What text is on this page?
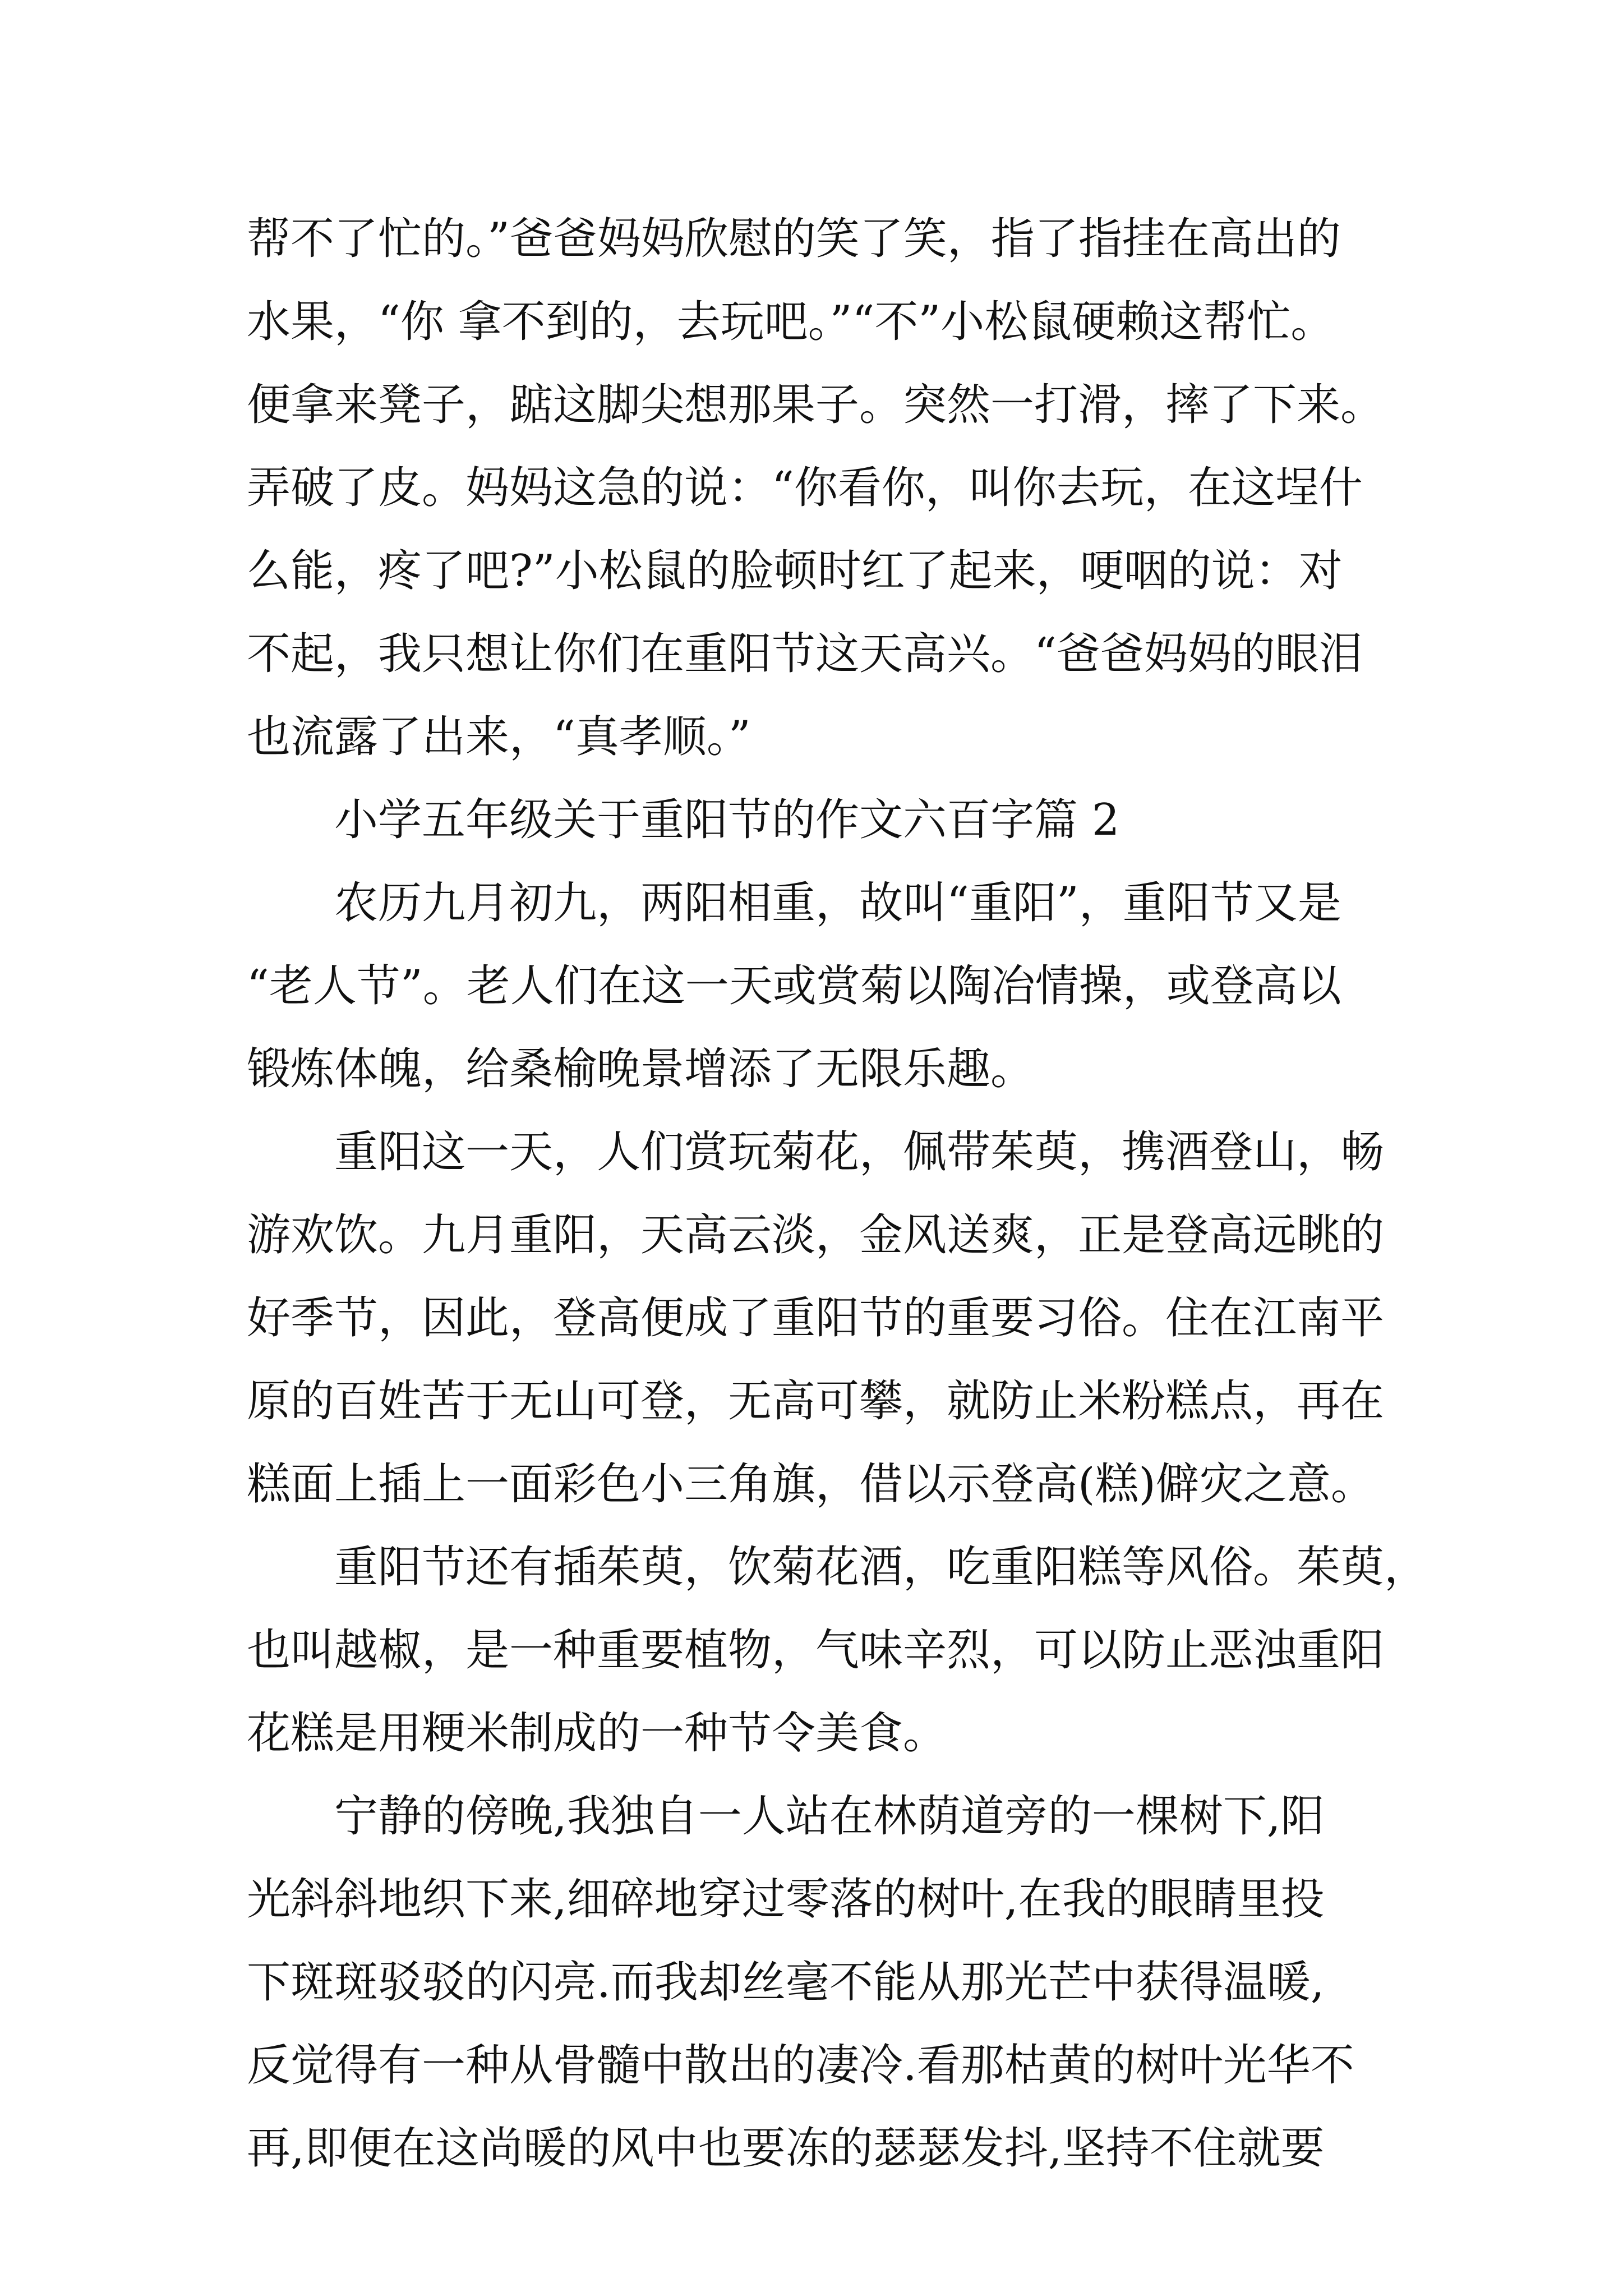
帮不了忙的。”爸爸妈妈欣慰的笑了笑，指了指挂在高出的
水果，“你 拿不到的，去玩吧。”“不”小松鼠硬赖这帮忙。
便拿来凳子，踮这脚尖想那果子。突然一打滑，摔了下来。
弄破了皮。妈妈这急的说：“你看你，叫你去玩，在这埕什
么能，疼了吧?”小松鼠的脸顿时红了起来，哽咽的说：对
不起，我只想让你们在重阳节这天高兴。“爸爸妈妈的眼泪
也流露了出来，“真孝顺。”
小学五年级关于重阳节的作文六百字篇 2
农历九月初九，两阳相重，故叫“重阳”，重阳节又是
“老人节”。老人们在这一天或赏菊以陶冶情操，或登高以
锻炼体魄，给桑榆晚景增添了无限乐趣。
重阳这一天，人们赏玩菊花，佩带茱萸，携酒登山，畅
游欢饮。九月重阳，天高云淡，金风送爽，正是登高远眺的
好季节，因此，登高便成了重阳节的重要习俗。住在江南平
原的百姓苦于无山可登，无高可攀，就防止米粉糕点，再在
糕面上插上一面彩色小三角旗，借以示登高(糕)僻灾之意。
重阳节还有插茱萸，饮菊花酒，吃重阳糕等风俗。茱萸，
也叫越椒，是一种重要植物，气味辛烈，可以防止恶浊重阳
花糕是用粳米制成的一种节令美食。
宁静的傍晚,我独自一人站在林荫道旁的一棵树下,阳
光斜斜地织下来,细碎地穿过零落的树叶,在我的眼睛里投
下斑斑驳驳的闪亮.而我却丝毫不能从那光芒中获得温暖,
反觉得有一种从骨髓中散出的凄冷.看那枯黄的树叶光华不
再,即便在这尚暖的风中也要冻的瑟瑟发抖,坚持不住就要
